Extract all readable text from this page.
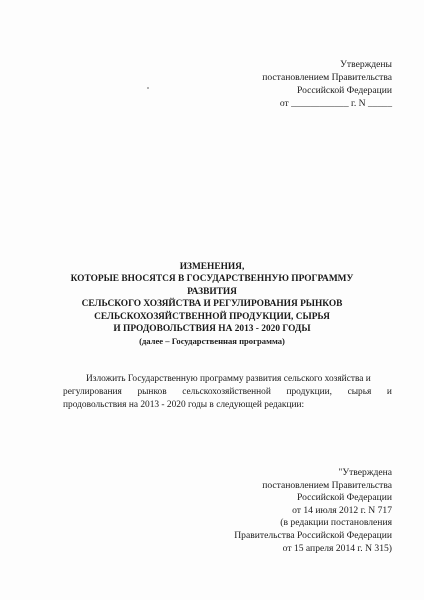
Утверждены
постановлением Правительства
Российской Федерации
от ____________ г. N _____
ИЗМЕНЕНИЯ,
КОТОРЫЕ ВНОСЯТСЯ В ГОСУДАРСТВЕННУЮ ПРОГРАММУ
РАЗВИТИЯ
СЕЛЬСКОГО ХОЗЯЙСТВА И РЕГУЛИРОВАНИЯ РЫНКОВ
СЕЛЬСКОХОЗЯЙСТВЕННОЙ ПРОДУКЦИИ, СЫРЬЯ
И ПРОДОВОЛЬСТВИЯ НА 2013 - 2020 ГОДЫ
(далее – Государственная программа)
Изложить Государственную программу развития сельского хозяйства и
регулирования рынков сельскохозяйственной продукции, сырья и
продовольствия на 2013 - 2020 годы в следующей редакции:
"Утверждена
постановлением Правительства
Российской Федерации
от 14 июля 2012 г. N 717
(в редакции постановления
Правительства Российской Федерации
от 15 апреля 2014 г. N 315)
